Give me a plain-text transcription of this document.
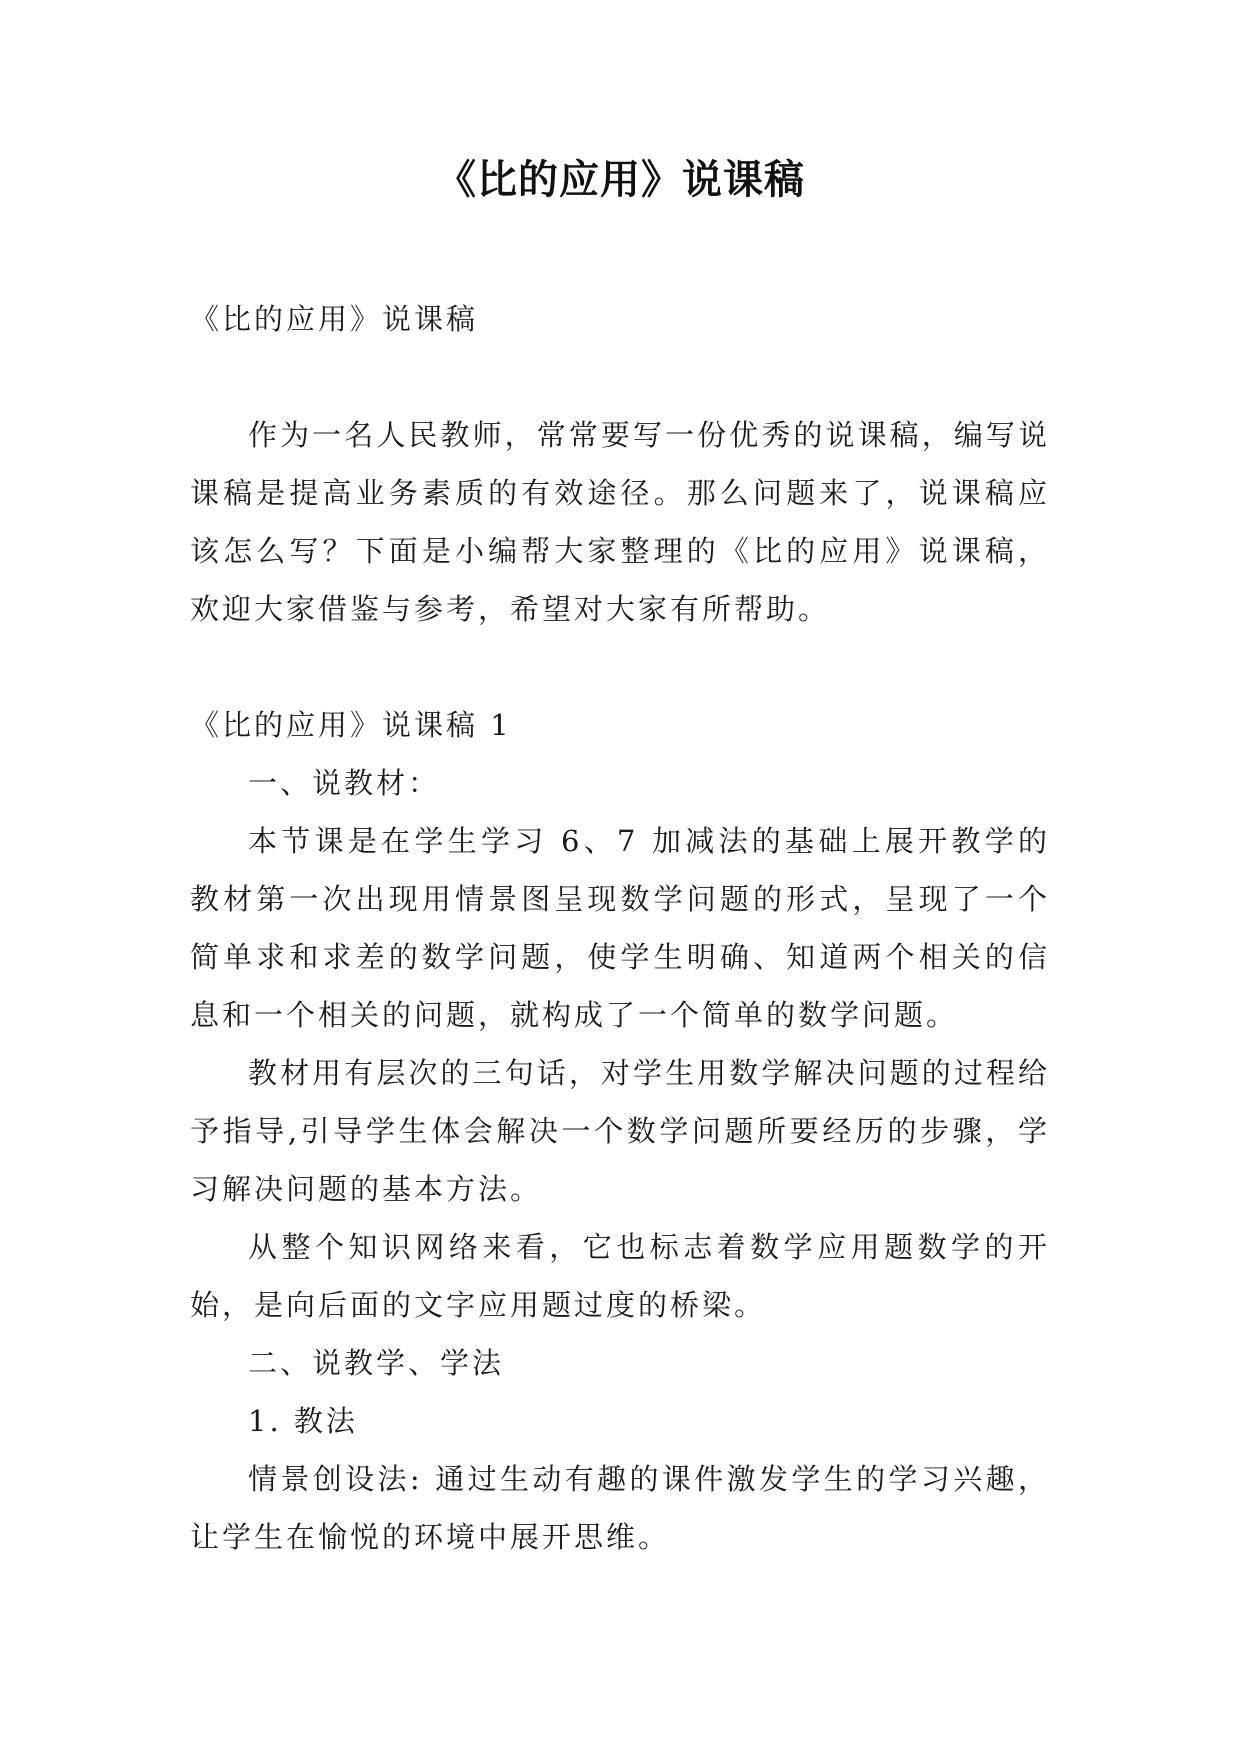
《比的应用》说课稿

《比的应用》说课稿

作为一名人民教师，常常要写一份优秀的说课稿，编写说课稿是提高业务素质的有效途径。那么问题来了，说课稿应该怎么写？下面是小编帮大家整理的《比的应用》说课稿，欢迎大家借鉴与参考，希望对大家有所帮助。

《比的应用》说课稿 1

一、说教材：

本节课是在学生学习 6、7 加减法的基础上展开教学的教材第一次出现用情景图呈现数学问题的形式，呈现了一个简单求和求差的数学问题，使学生明确、知道两个相关的信息和一个相关的问题，就构成了一个简单的数学问题。

教材用有层次的三句话，对学生用数学解决问题的过程给予指导,引导学生体会解决一个数学问题所要经历的步骤，学习解决问题的基本方法。

从整个知识网络来看，它也标志着数学应用题数学的开始，是向后面的文字应用题过度的桥梁。

二、说教学、学法

1. 教法

情景创设法: 通过生动有趣的课件激发学生的学习兴趣，让学生在愉悦的环境中展开思维。
